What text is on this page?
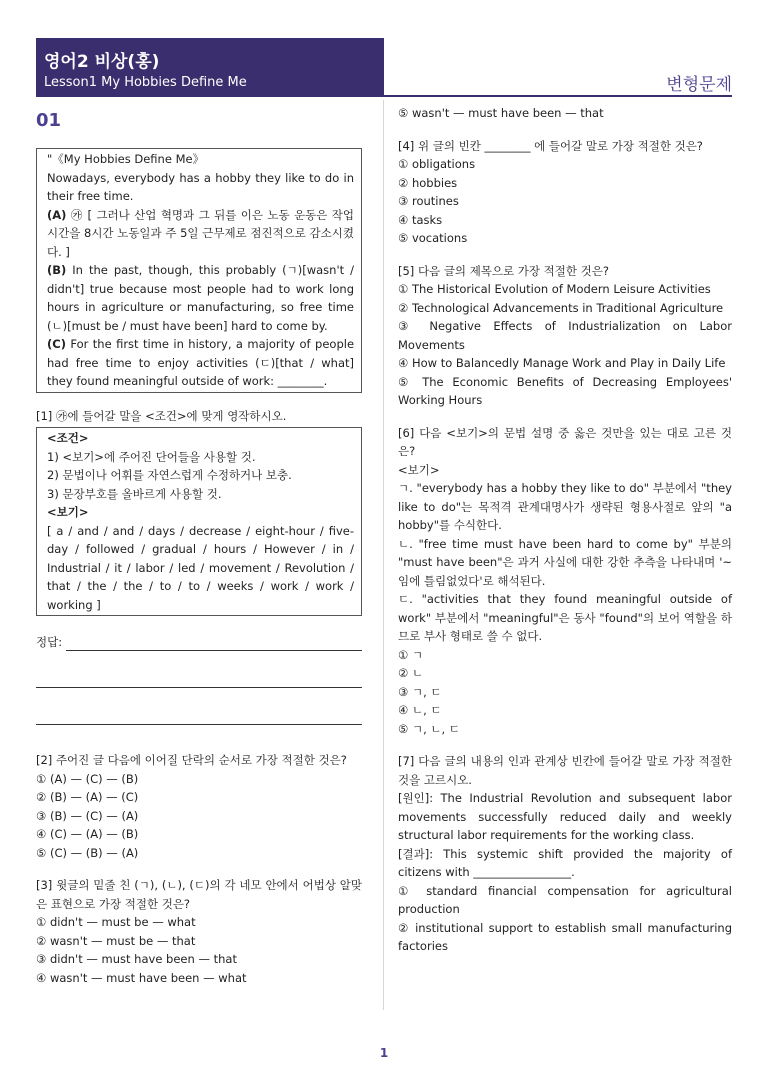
영어2 비상(홍)
Lesson1 My Hobbies Define Me	변형문제
01

"《My Hobbies Define Me》

Nowadays, everybody has a hobby they like to do in their free time.

(A) ㉮ [ 그러나 산업 혁명과 그 뒤를 이은 노동 운동은 작업 시간을 8시간 노동일과 주 5일 근무제로 점진적으로 감소시켰다. ]

(B) In the past, though, this probably (ㄱ)[wasn't / didn't] true because most people had to work long hours in agriculture or manufacturing, so free time (ㄴ)[must be / must have been] hard to come by.

(C) For the first time in history, a majority of people had free time to enjoy activities (ㄷ)[that / what] they found meaningful outside of work: ________.

[1] ㉮에 들어갈 말을 <조건>에 맞게 영작하시오.

<조건>

1) <보기>에 주어진 단어들을 사용할 것.

2) 문법이나 어휘를 자연스럽게 수정하거나 보충.

3) 문장부호를 올바르게 사용할 것.

<보기>

[ a / and / and / days / decrease / eight-hour / five-day / followed / gradual / hours / However / in / Industrial / it / labor / led / movement / Revolution / that / the / the / to / to / weeks / work / work / working ]

정답:

[2] 주어진 글 다음에 이어질 단락의 순서로 가장 적절한 것은?

① (A) — (C) — (B)

② (B) — (A) — (C)

③ (B) — (C) — (A)

④ (C) — (A) — (B)

⑤ (C) — (B) — (A)

[3] 윗글의 밑줄 친 (ㄱ), (ㄴ), (ㄷ)의 각 네모 안에서 어법상 알맞은 표현으로 가장 적절한 것은?

① didn't — must be — what

② wasn't — must be — that

③ didn't — must have been — that

④ wasn't — must have been — what

⑤ wasn't — must have been — that

[4] 위 글의 빈칸 ________ 에 들어갈 말로 가장 적절한 것은?

① obligations

② hobbies

③ routines

④ tasks

⑤ vocations

[5] 다음 글의 제목으로 가장 적절한 것은?

① The Historical Evolution of Modern Leisure Activities

② Technological Advancements in Traditional Agriculture

③ Negative Effects of Industrialization on Labor Movements

④ How to Balancedly Manage Work and Play in Daily Life

⑤ The Economic Benefits of Decreasing Employees' Working Hours

[6] 다음 <보기>의 문법 설명 중 옳은 것만을 있는 대로 고른 것은?

<보기>

ㄱ. "everybody has a hobby they like to do" 부분에서 "they like to do"는 목적격 관계대명사가 생략된 형용사절로 앞의 "a hobby"를 수식한다.

ㄴ. "free time must have been hard to come by" 부분의 "must have been"은 과거 사실에 대한 강한 추측을 나타내며 '~임에 틀림없었다'로 해석된다.

ㄷ. "activities that they found meaningful outside of work" 부분에서 "meaningful"은 동사 "found"의 보어 역할을 하므로 부사 형태로 쓸 수 없다.

① ㄱ

② ㄴ

③ ㄱ, ㄷ

④ ㄴ, ㄷ

⑤ ㄱ, ㄴ, ㄷ

[7] 다음 글의 내용의 인과 관계상 빈칸에 들어갈 말로 가장 적절한 것을 고르시오.

[원인]: The Industrial Revolution and subsequent labor movements successfully reduced daily and weekly structural labor requirements for the working class.

[결과]: This systemic shift provided the majority of citizens with _________________.

① standard financial compensation for agricultural production

② institutional support to establish small manufacturing factories

1
